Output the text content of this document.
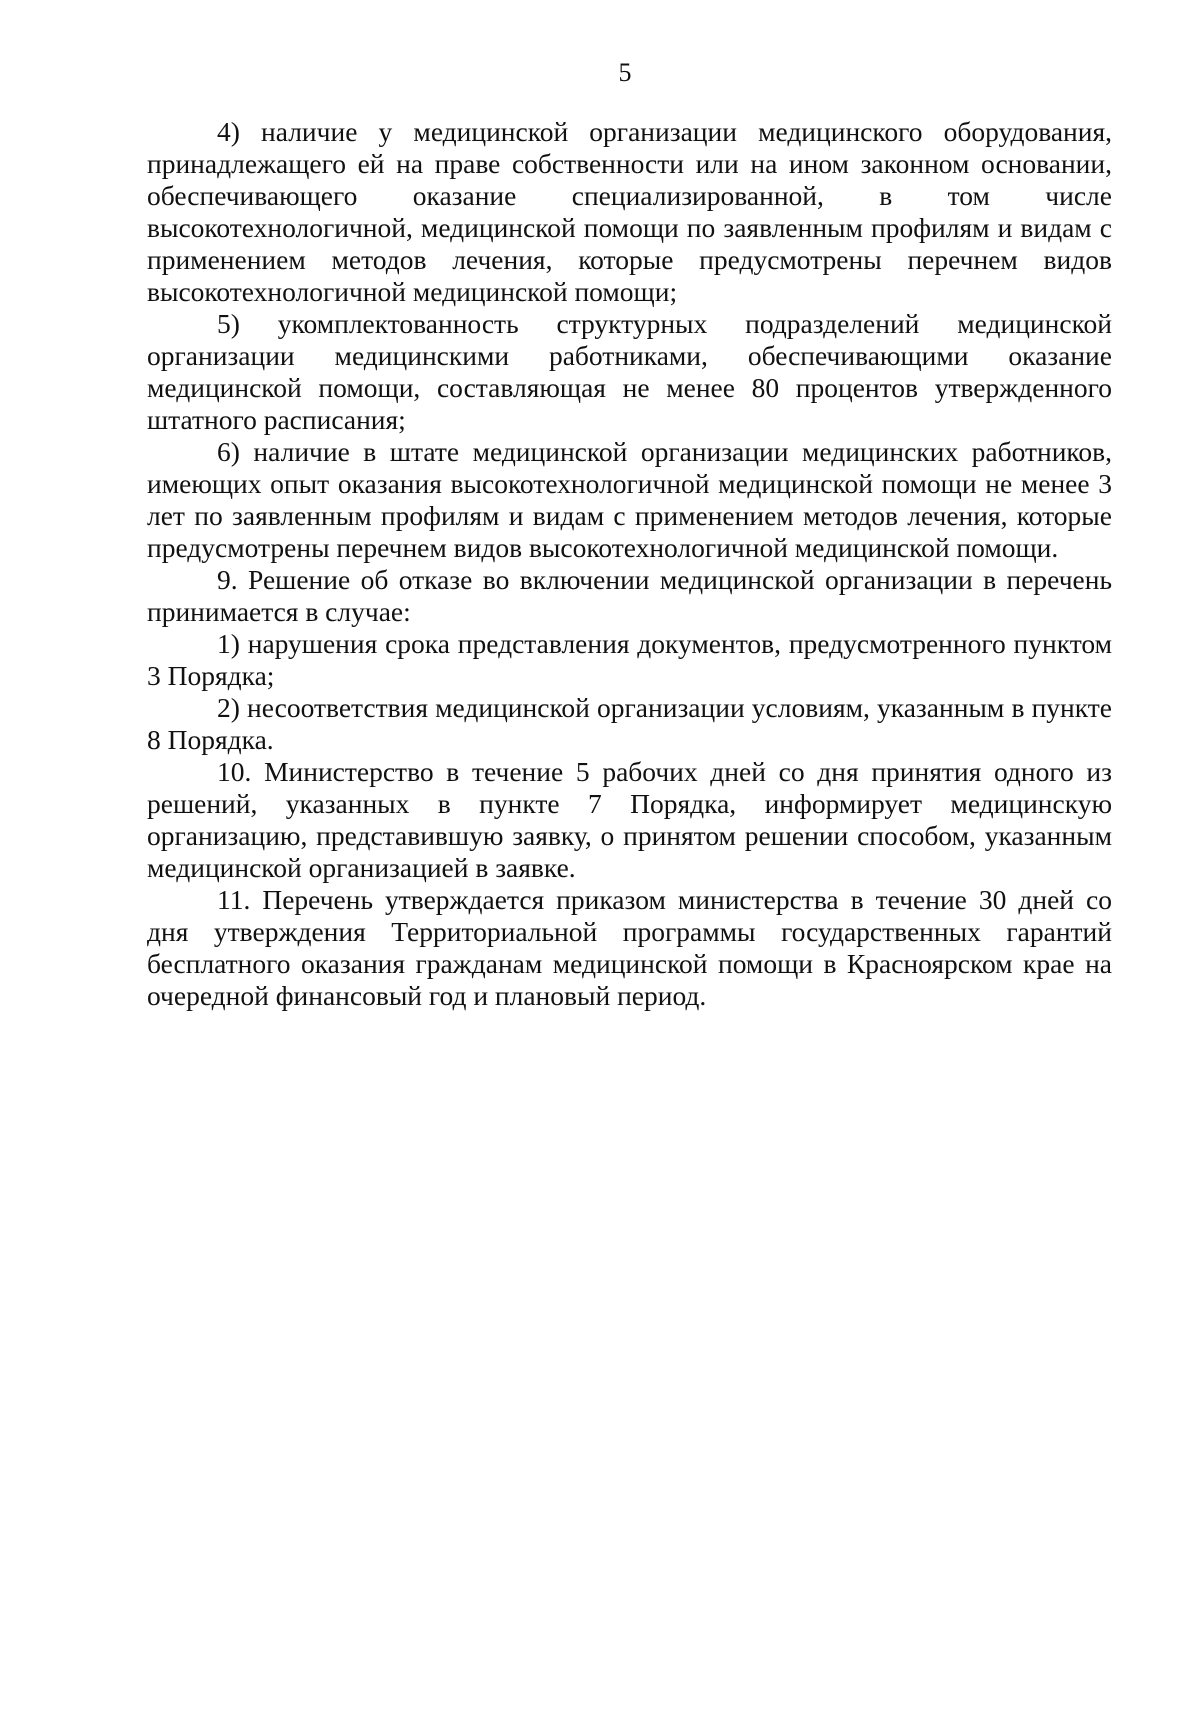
5

4) наличие у медицинской организации медицинского оборудования, принадлежащего ей на праве собственности или на ином законном основании, обеспечивающего оказание специализированной, в том числе высокотехнологичной, медицинской помощи по заявленным профилям и видам с применением методов лечения, которые предусмотрены перечнем видов высокотехнологичной медицинской помощи;

5) укомплектованность структурных подразделений медицинской организации медицинскими работниками, обеспечивающими оказание медицинской помощи, составляющая не менее 80 процентов утвержденного штатного расписания;

6) наличие в штате медицинской организации медицинских работников, имеющих опыт оказания высокотехнологичной медицинской помощи не менее 3 лет по заявленным профилям и видам с применением методов лечения, которые предусмотрены перечнем видов высокотехнологичной медицинской помощи.

9. Решение об отказе во включении медицинской организации в перечень принимается в случае:

1) нарушения срока представления документов, предусмотренного пунктом 3 Порядка;

2) несоответствия медицинской организации условиям, указанным в пункте 8 Порядка.

10. Министерство в течение 5 рабочих дней со дня принятия одного из решений, указанных в пункте 7 Порядка, информирует медицинскую организацию, представившую заявку, о принятом решении способом, указанным медицинской организацией в заявке.

11. Перечень утверждается приказом министерства в течение 30 дней со дня утверждения Территориальной программы государственных гарантий бесплатного оказания гражданам медицинской помощи в Красноярском крае на очередной финансовый год и плановый период.
